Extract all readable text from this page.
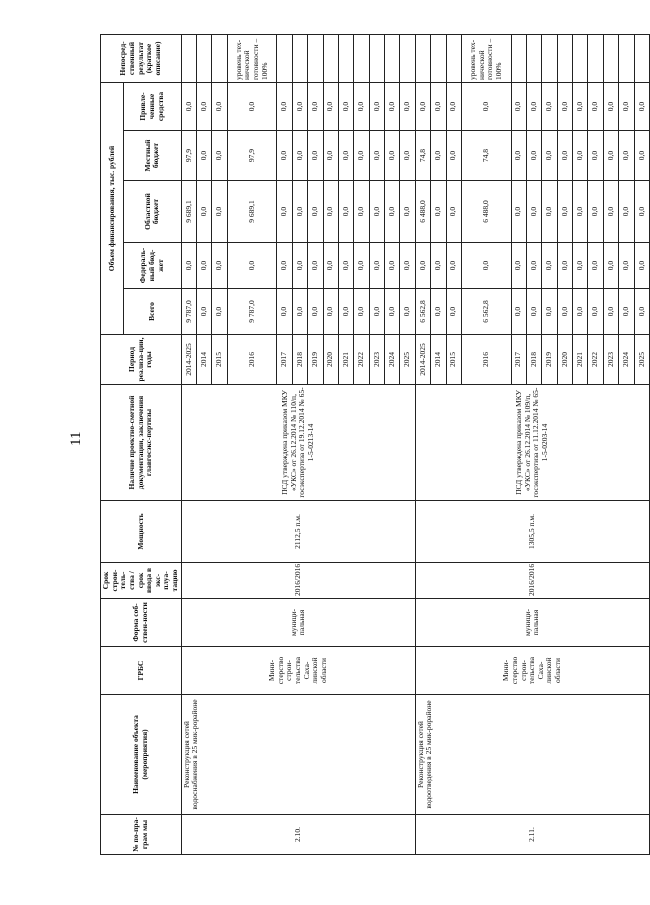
11
№ по-пра-грам мы	Наименование объекта (мероприятия)	ГРБС	Форма соб-ствен-ности	Срок строи-тель-ства / срок ввода в экс-плуа-тацию	Мощность	Наличие проектно-сметной документации, заключения главгосэкс-пертизы	Период реализа-ции, годы	Объем финансирования, тыс. рублей					Непосред-ственный результат (краткое описание)
								Всего	Федераль-ный бюд-жет	Областной бюджет	Местный бюджет	Привле-ченные средства	
2.10.	Реконструкция сетей водоснабжения в 25 мик-рорайоне	Мини-стерство строи-тельства Саха-линской области	муници-пальная	2016/2016	2112,5 п.м.	ПСД утверждена приказом МКУ «УКС» от 26.12.2014 № 110/п, госэкспертиза от 19.12.2014 № 65-1-5-0213-14	2014-2025	9 787,0	0,0	9 689,1	97,9	0,0	
							2014	0,0	0,0	0,0	0,0	0,0	
							2015	0,0	0,0	0,0	0,0	0,0	
							2016	9 787,0	0,0	9 689,1	97,9	0,0	уровень тех-нической готовности – 100%
							2017	0,0	0,0	0,0	0,0	0,0	
							2018	0,0	0,0	0,0	0,0	0,0	
							2019	0,0	0,0	0,0	0,0	0,0	
							2020	0,0	0,0	0,0	0,0	0,0	
							2021	0,0	0,0	0,0	0,0	0,0	
							2022	0,0	0,0	0,0	0,0	0,0	
							2023	0,0	0,0	0,0	0,0	0,0	
							2024	0,0	0,0	0,0	0,0	0,0	
							2025	0,0	0,0	0,0	0,0	0,0	
2.11.	Реконструкция сетей водоотведения в 25 мик-рорайоне	Мини-стерство строи-тельства Саха-линской области	муници-пальная	2016/2016	1305,5 п.м.	ПСД утверждена приказом МКУ «УКС» от 26.12.2014 № 109/п, госэкспертиза от 11.12.2014 № 65-1-5-0203-14	2014-2025	6 562,8	0,0	6 488,0	74,8	0,0	
							2014	0,0	0,0	0,0	0,0	0,0	
							2015	0,0	0,0	0,0	0,0	0,0	
							2016	6 562,8	0,0	6 488,0	74,8	0,0	уровень тех-нической готовности – 100%
							2017	0,0	0,0	0,0	0,0	0,0	
							2018	0,0	0,0	0,0	0,0	0,0	
							2019	0,0	0,0	0,0	0,0	0,0	
							2020	0,0	0,0	0,0	0,0	0,0	
							2021	0,0	0,0	0,0	0,0	0,0	
							2022	0,0	0,0	0,0	0,0	0,0	
							2023	0,0	0,0	0,0	0,0	0,0	
							2024	0,0	0,0	0,0	0,0	0,0	
							2025	0,0	0,0	0,0	0,0	0,0	
